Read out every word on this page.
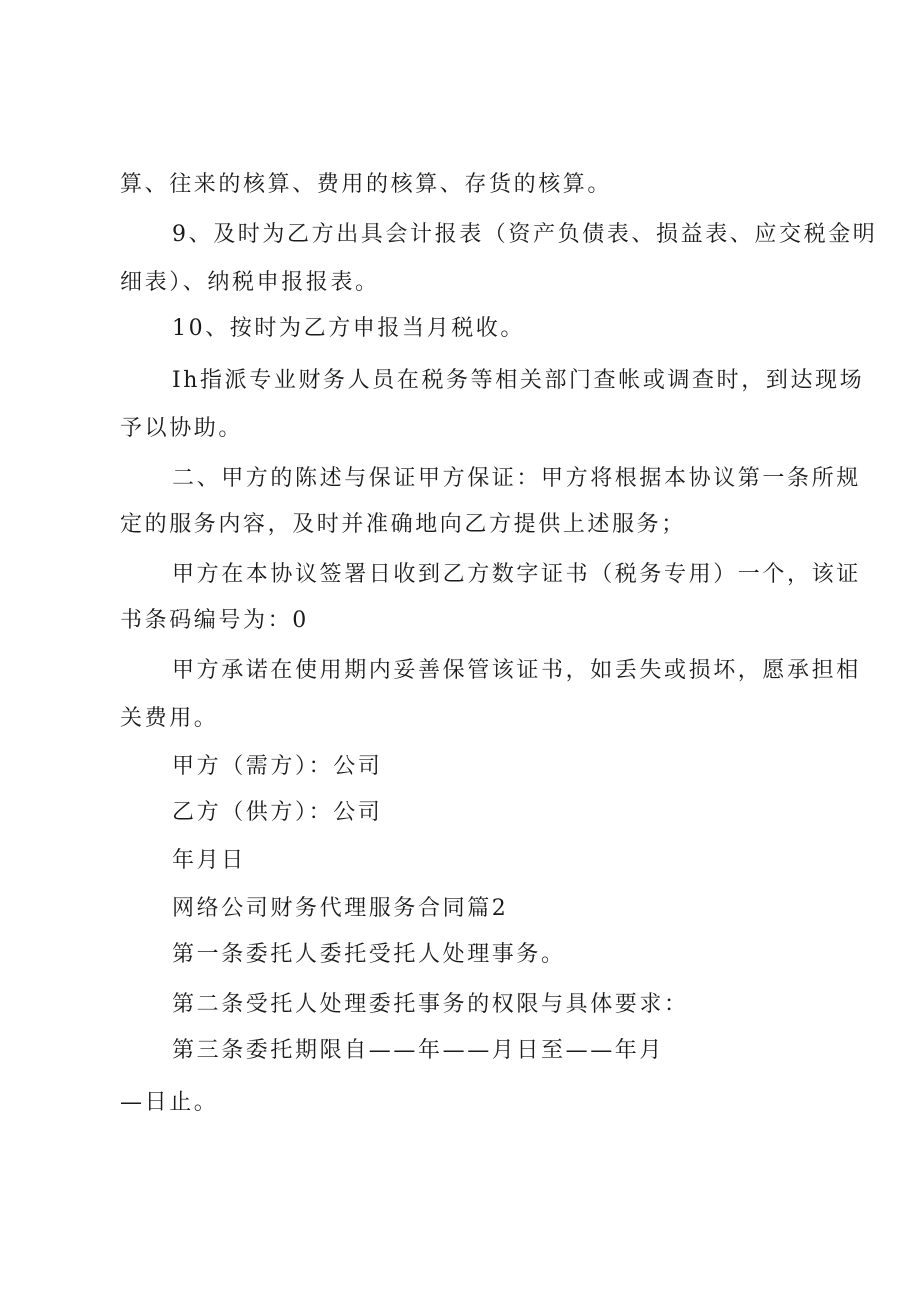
算、往来的核算、费用的核算、存货的核算。
9、及时为乙方出具会计报表（资产负债表、损益表、应交税金明
细表）、纳税申报报表。
10、按时为乙方申报当月税收。
Ih指派专业财务人员在税务等相关部门查帐或调查时，到达现场
予以协助。
二、甲方的陈述与保证甲方保证：甲方将根据本协议第一条所规
定的服务内容，及时并准确地向乙方提供上述服务；
甲方在本协议签署日收到乙方数字证书（税务专用）一个，该证
书条码编号为：0
甲方承诺在使用期内妥善保管该证书，如丢失或损坏，愿承担相
关费用。
甲方（需方）：公司
乙方（供方）：公司
年月日
网络公司财务代理服务合同篇2
第一条委托人委托受托人处理事务。
第二条受托人处理委托事务的权限与具体要求：
第三条委托期限自——年——月日至——年月
—日止。
